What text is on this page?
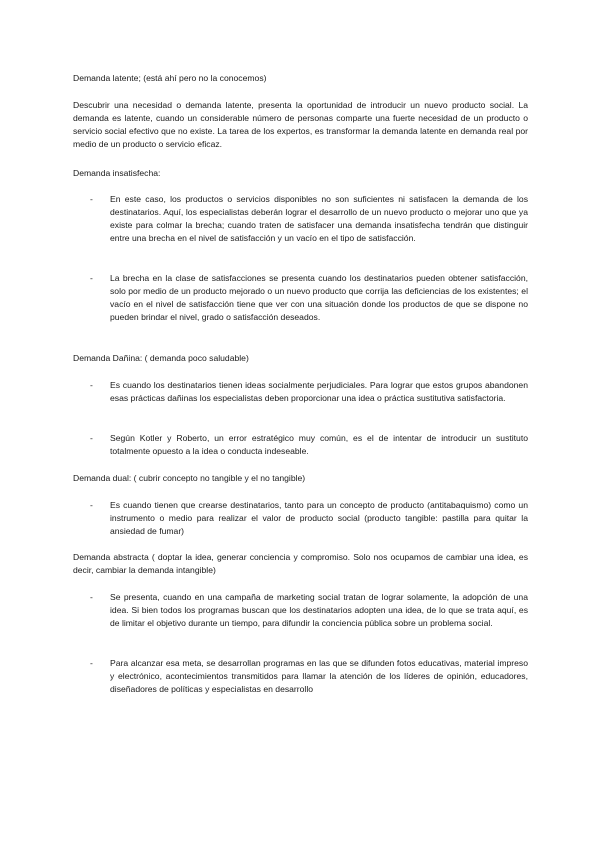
Demanda latente; (está ahí pero no la conocemos)

Descubrir una necesidad o demanda latente, presenta la oportunidad de introducir un nuevo producto social. La demanda es latente, cuando un considerable número de personas comparte una fuerte necesidad de un producto o servicio social efectivo que no existe. La tarea de los expertos, es transformar la demanda latente en demanda real por medio de un producto o servicio eficaz.

Demanda insatisfecha:

-	En este caso, los productos o servicios disponibles no son suficientes ni satisfacen la demanda de los destinatarios. Aquí, los especialistas deberán lograr el desarrollo de un nuevo producto o mejorar uno que ya existe para colmar la brecha; cuando traten de satisfacer una demanda insatisfecha tendrán que distinguir entre una brecha en el nivel de satisfacción y un vacío en el tipo de satisfacción.

-	La brecha en la clase de satisfacciones se presenta cuando los destinatarios pueden obtener satisfacción, solo por medio de un producto mejorado o un nuevo producto que corrija las deficiencias de los existentes; el vacío en el nivel de satisfacción tiene que ver con una situación donde los productos de que se dispone no pueden brindar el nivel, grado o satisfacción deseados.

Demanda Dañina: ( demanda poco saludable)

-	Es cuando los destinatarios tienen ideas socialmente perjudiciales. Para lograr que estos grupos abandonen esas prácticas dañinas los especialistas deben proporcionar una idea o práctica sustitutiva satisfactoria.

-	Según Kotler y Roberto, un error estratégico muy común, es el de intentar de introducir un sustituto totalmente opuesto a la idea o conducta indeseable.

Demanda dual: ( cubrir concepto no tangible y el no tangible)

-	Es cuando tienen que crearse destinatarios, tanto para un concepto de producto (antitabaquismo) como un instrumento o medio para realizar el valor de producto social (producto tangible: pastilla para quitar la ansiedad de fumar)

Demanda abstracta ( doptar la idea, generar conciencia y compromiso. Solo nos ocupamos de cambiar una idea, es decir, cambiar la demanda intangible)

-	Se presenta, cuando en una campaña de marketing social tratan de lograr solamente, la adopción de una idea. Si bien todos los programas buscan que los destinatarios adopten una idea, de lo que se trata aquí, es de limitar el objetivo durante un tiempo, para difundir la conciencia pública sobre un problema social.

-	Para alcanzar esa meta, se desarrollan programas en las que se difunden fotos educativas, material impreso y electrónico, acontecimientos transmitidos para llamar la atención de los líderes de opinión, educadores, diseñadores de políticas y especialistas en desarrollo
